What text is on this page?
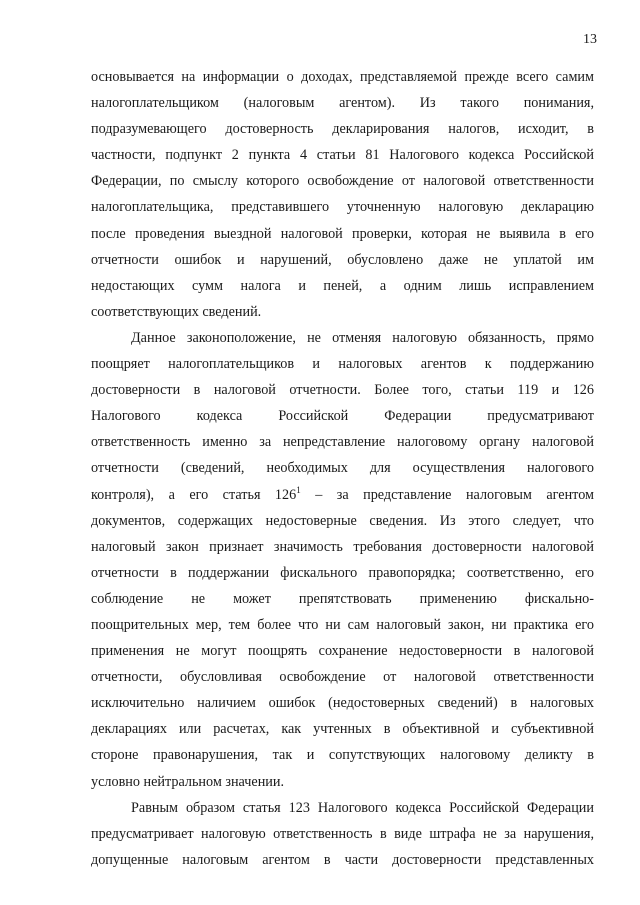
13

основывается на информации о доходах, представляемой прежде всего самим
налогоплательщиком (налоговым агентом). Из такого понимания,
подразумевающего достоверность декларирования налогов, исходит, в
частности, подпункт 2 пункта 4 статьи 81 Налогового кодекса Российской
Федерации, по смыслу которого освобождение от налоговой ответственности
налогоплательщика, представившего уточненную налоговую декларацию
после проведения выездной налоговой проверки, которая не выявила в его
отчетности ошибок и нарушений, обусловлено даже не уплатой им
недостающих сумм налога и пеней, а одним лишь исправлением
соответствующих сведений.

Данное законоположение, не отменяя налоговую обязанность, прямо
поощряет налогоплательщиков и налоговых агентов к поддержанию
достоверности в налоговой отчетности. Более того, статьи 119 и 126
Налогового кодекса Российской Федерации предусматривают
ответственность именно за непредставление налоговому органу налоговой
отчетности (сведений, необходимых для осуществления налогового
контроля), а его статья $126^1$ – за представление налоговым агентом
документов, содержащих недостоверные сведения. Из этого следует, что
налоговый закон признает значимость требования достоверности налоговой
отчетности в поддержании фискального правопорядка; соответственно, его
соблюдение не может препятствовать применению фискально-
поощрительных мер, тем более что ни сам налоговый закон, ни практика его
применения не могут поощрять сохранение недостоверности в налоговой
отчетности, обусловливая освобождение от налоговой ответственности
исключительно наличием ошибок (недостоверных сведений) в налоговых
декларациях или расчетах, как учтенных в объективной и субъективной
стороне правонарушения, так и сопутствующих налоговому деликту в
условно нейтральном значении.

Равным образом статья 123 Налогового кодекса Российской Федерации
предусматривает налоговую ответственность в виде штрафа не за нарушения,
допущенные налоговым агентом в части достоверности представленных
